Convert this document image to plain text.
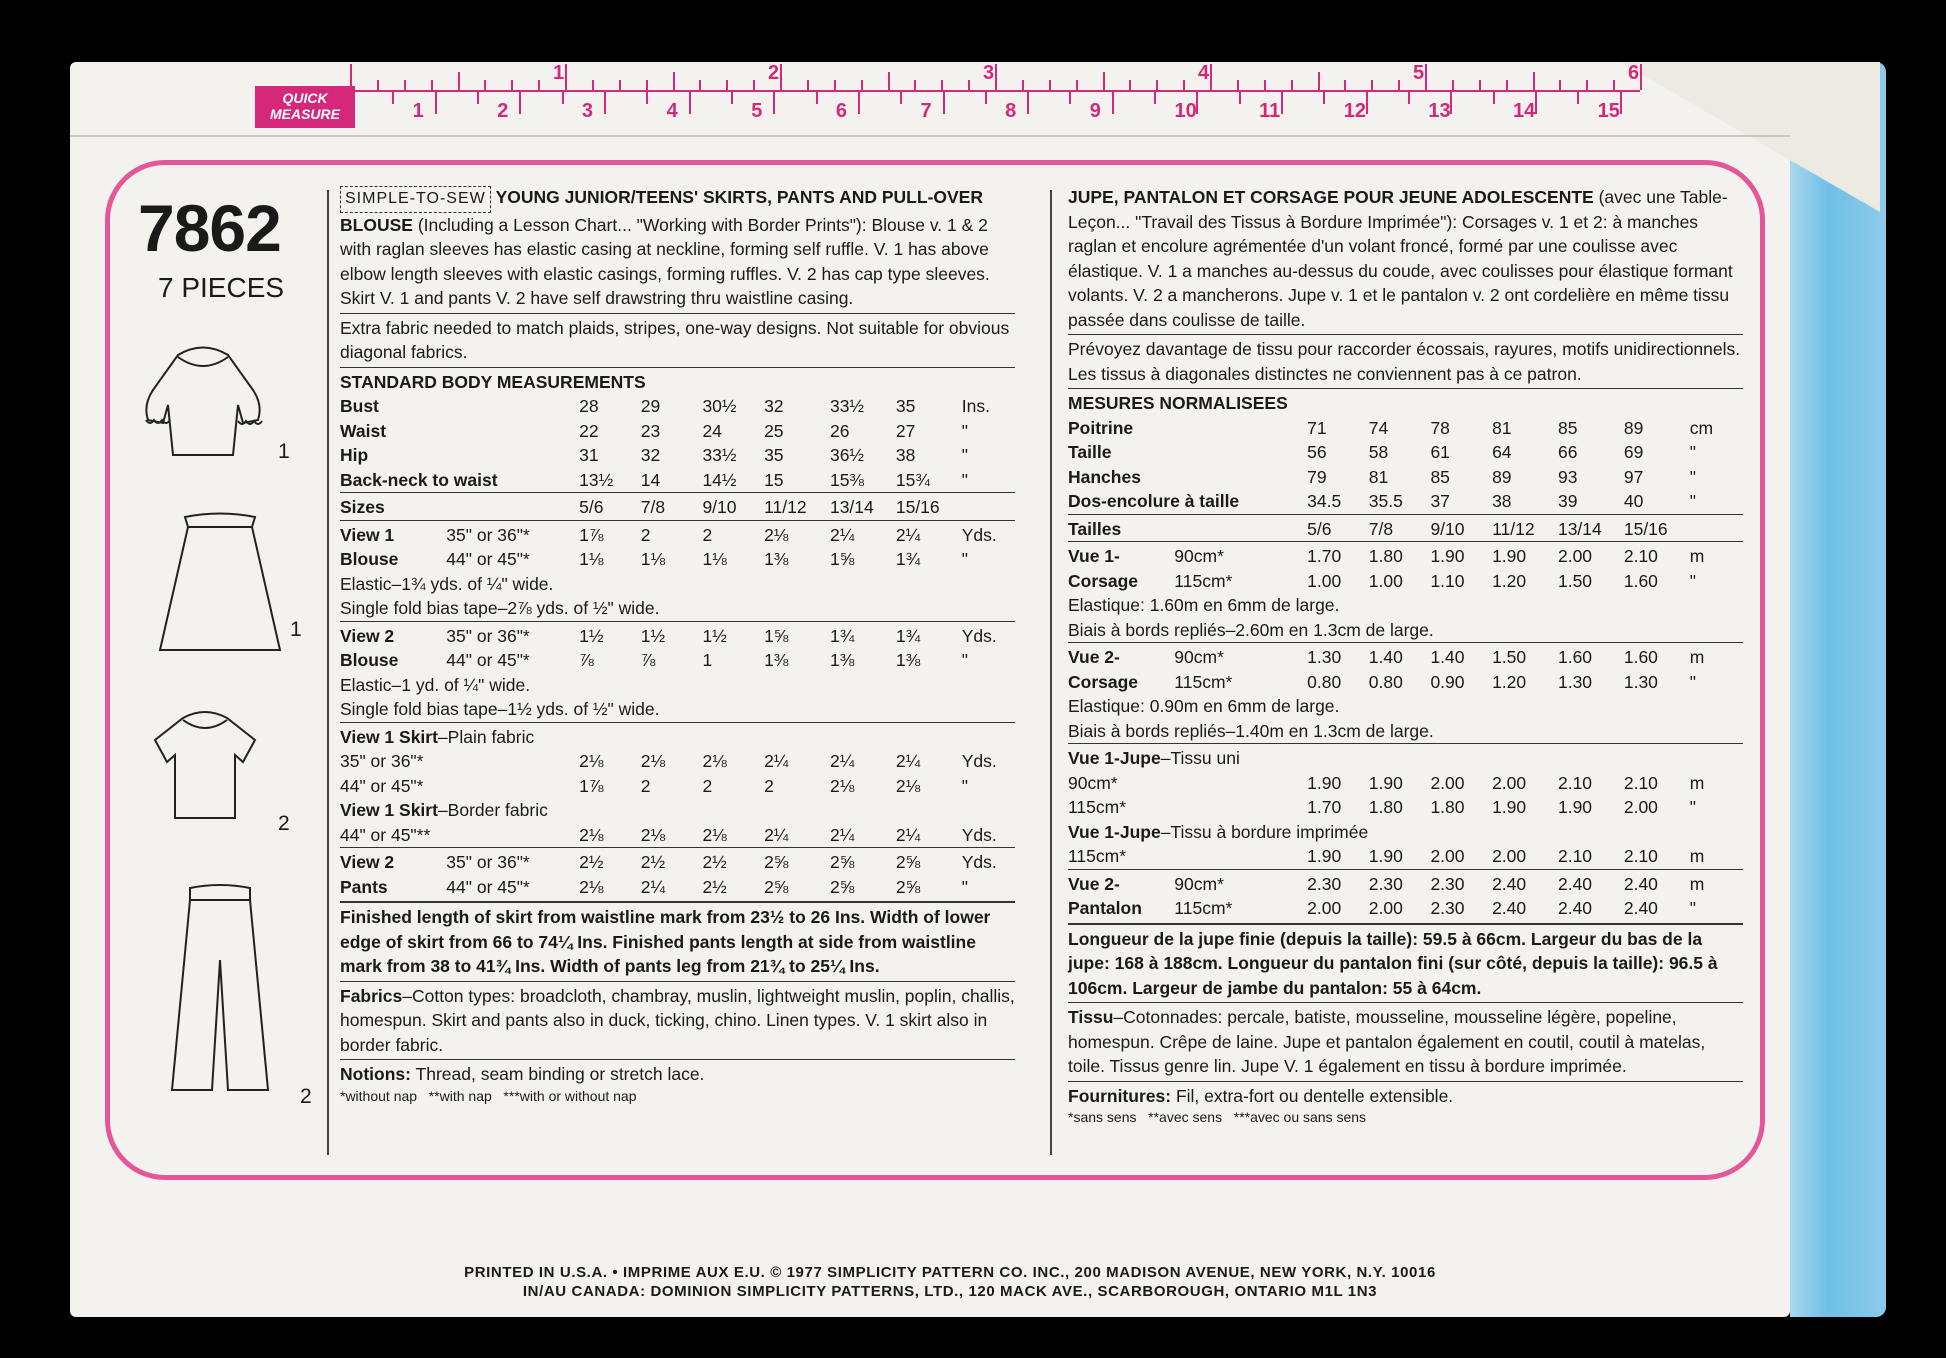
QUICK
MEASURE
1	2	3	4	5	6
1	2	3	4	5	6	7	8	9	10	11	12	13	14	15
7862
7 PIECES
1
1
2
2

SIMPLE-TO-SEW YOUNG JUNIOR/TEENS' SKIRTS, PANTS AND PULL-OVER BLOUSE (Including a Lesson Chart... "Working with Border Prints"): Blouse v. 1 & 2 with raglan sleeves has elastic casing at neckline, forming self ruffle. V. 1 has above elbow length sleeves with elastic casings, forming ruffles. V. 2 has cap type sleeves. Skirt V. 1 and pants V. 2 have self drawstring thru waistline casing.

Extra fabric needed to match plaids, stripes, one-way designs. Not suitable for obvious diagonal fabrics.

STANDARD BODY MEASUREMENTS

Bust		28	29	30½	32	33½	35	Ins.
Waist		22	23	24	25	26	27	"
Hip		31	32	33½	35	36½	38	"
Back-neck to waist		13½	14	14½	15	15⅜	15¾	"

Sizes		5/6	7/8	9/10	11/12	13/14	15/16	

View 1	35" or 36"*	1⅞	2	2	2⅛	2¼	2¼	Yds.
Blouse	44" or 45"*	1⅛	1⅛	1⅛	1⅜	1⅝	1¾	"
Elastic–1¾ yds. of ¼" wide.								
Single fold bias tape–2⅞ yds. of ½" wide.								

View 2	35" or 36"*	1½	1½	1½	1⅝	1¾	1¾	Yds.
Blouse	44" or 45"*	⅞	⅞	1	1⅜	1⅜	1⅜	"
Elastic–1 yd. of ¼" wide.								
Single fold bias tape–1½ yds. of ½" wide.								

View 1 Skirt–Plain fabric								
35" or 36"*		2⅛	2⅛	2⅛	2¼	2¼	2¼	Yds.
44" or 45"*		1⅞	2	2	2	2⅛	2⅛	"
View 1 Skirt–Border fabric								
44" or 45"**		2⅛	2⅛	2⅛	2¼	2¼	2¼	Yds.

View 2	35" or 36"*	2½	2½	2½	2⅝	2⅝	2⅝	Yds.
Pants	44" or 45"*	2⅛	2¼	2½	2⅝	2⅝	2⅝	"

Finished length of skirt from waistline mark from 23½ to 26 Ins. Width of lower edge of skirt from 66 to 74¼ Ins. Finished pants length at side from waistline mark from 38 to 41¾ Ins. Width of pants leg from 21¾ to 25¼ Ins.

Fabrics–Cotton types: broadcloth, chambray, muslin, lightweight muslin, poplin, challis, homespun. Skirt and pants also in duck, ticking, chino. Linen types. V. 1 skirt also in border fabric.

Notions: Thread, seam binding or stretch lace.

*without nap   **with nap   ***with or without nap

JUPE, PANTALON ET CORSAGE POUR JEUNE ADOLESCENTE (avec une Table-Leçon... "Travail des Tissus à Bordure Imprimée"): Corsages v. 1 et 2: à manches raglan et encolure agrémentée d'un volant froncé, formé par une coulisse avec élastique. V. 1 a manches au-dessus du coude, avec coulisses pour élastique formant volants. V. 2 a mancherons. Jupe v. 1 et le pantalon v. 2 ont cordelière en même tissu passée dans coulisse de taille.

Prévoyez davantage de tissu pour raccorder écossais, rayures, motifs unidirectionnels. Les tissus à diagonales distinctes ne conviennent pas à ce patron.

MESURES NORMALISEES

Poitrine		71	74	78	81	85	89	cm
Taille		56	58	61	64	66	69	"
Hanches		79	81	85	89	93	97	"
Dos-encolure à taille		34.5	35.5	37	38	39	40	"

Tailles		5/6	7/8	9/10	11/12	13/14	15/16	

Vue 1-	90cm*	1.70	1.80	1.90	1.90	2.00	2.10	m
Corsage	115cm*	1.00	1.00	1.10	1.20	1.50	1.60	"
Elastique: 1.60m en 6mm de large.								
Biais à bords repliés–2.60m en 1.3cm de large.								

Vue 2-	90cm*	1.30	1.40	1.40	1.50	1.60	1.60	m
Corsage	115cm*	0.80	0.80	0.90	1.20	1.30	1.30	"
Elastique: 0.90m en 6mm de large.								
Biais à bords repliés–1.40m en 1.3cm de large.								

Vue 1-Jupe–Tissu uni								
90cm*		1.90	1.90	2.00	2.00	2.10	2.10	m
115cm*		1.70	1.80	1.80	1.90	1.90	2.00	"
Vue 1-Jupe–Tissu à bordure imprimée								
115cm*		1.90	1.90	2.00	2.00	2.10	2.10	m

Vue 2-	90cm*	2.30	2.30	2.30	2.40	2.40	2.40	m
Pantalon	115cm*	2.00	2.00	2.30	2.40	2.40	2.40	"

Longueur de la jupe finie (depuis la taille): 59.5 à 66cm. Largeur du bas de la jupe: 168 à 188cm. Longueur du pantalon fini (sur côté, depuis la taille): 96.5 à 106cm. Largeur de jambe du pantalon: 55 à 64cm.

Tissu–Cotonnades: percale, batiste, mousseline, mousseline légère, popeline, homespun. Crêpe de laine. Jupe et pantalon également en coutil, coutil à matelas, toile. Tissus genre lin. Jupe V. 1 également en tissu à bordure imprimée.

Fournitures: Fil, extra-fort ou dentelle extensible.

*sans sens   **avec sens   ***avec ou sans sens

PRINTED IN U.S.A. • IMPRIME AUX E.U. © 1977 SIMPLICITY PATTERN CO. INC., 200 MADISON AVENUE, NEW YORK, N.Y. 10016
IN/AU CANADA: DOMINION SIMPLICITY PATTERNS, LTD., 120 MACK AVE., SCARBOROUGH, ONTARIO M1L 1N3
